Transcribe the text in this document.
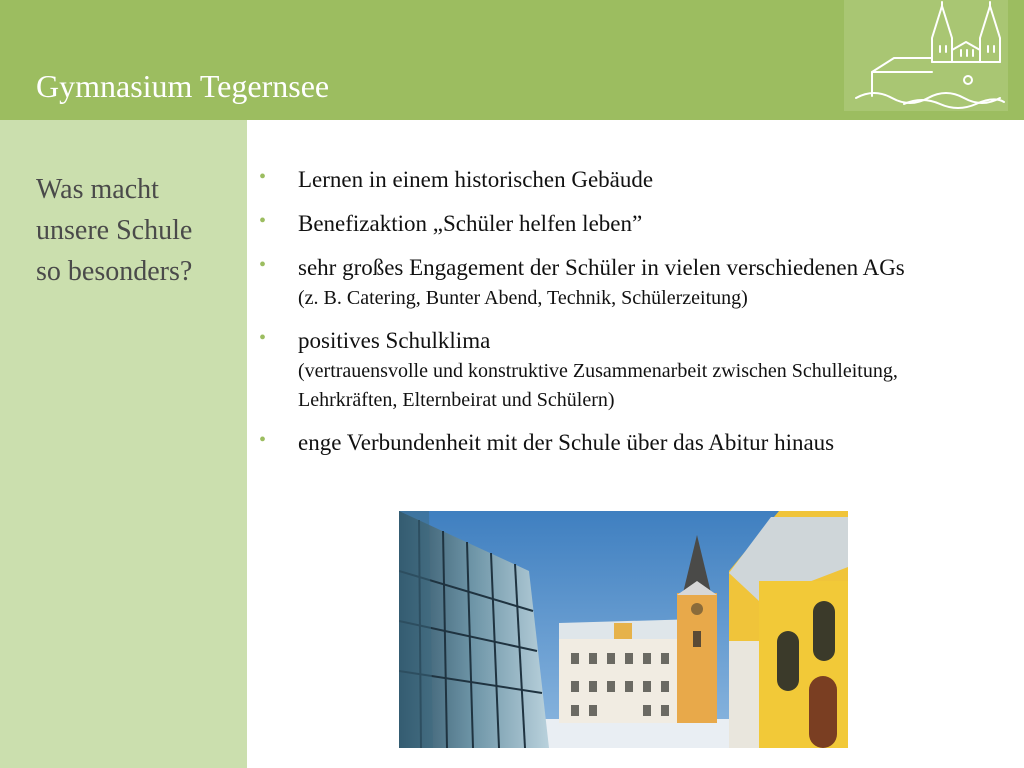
Gymnasium Tegernsee
Was macht
unsere Schule
so besonders?
• Lernen in einem historischen Gebäude
• Benefizaktion „Schüler helfen leben”
• sehr großes Engagement der Schüler in vielen verschiedenen AGs
(z. B. Catering, Bunter Abend, Technik, Schülerzeitung)
• positives Schulklima
(vertrauensvolle und konstruktive Zusammenarbeit zwischen Schulleitung, Lehrkräften, Elternbeirat und Schülern)
• enge Verbundenheit mit der Schule über das Abitur hinaus
